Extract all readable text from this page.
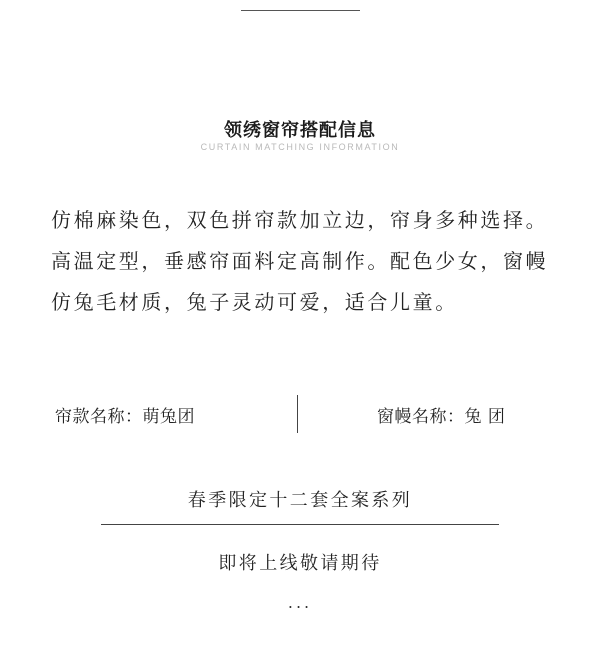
领绣窗帘搭配信息
CURTAIN MATCHING INFORMATION

仿棉麻染色，双色拼帘款加立边，帘身多种选择。高温定型，垂感帘面料定高制作。配色少女，窗幔仿兔毛材质，兔子灵动可爱，适合儿童。

帘款名称：萌兔团	窗幔名称：兔 团
春季限定十二套全案系列
即将上线敬请期待
...
